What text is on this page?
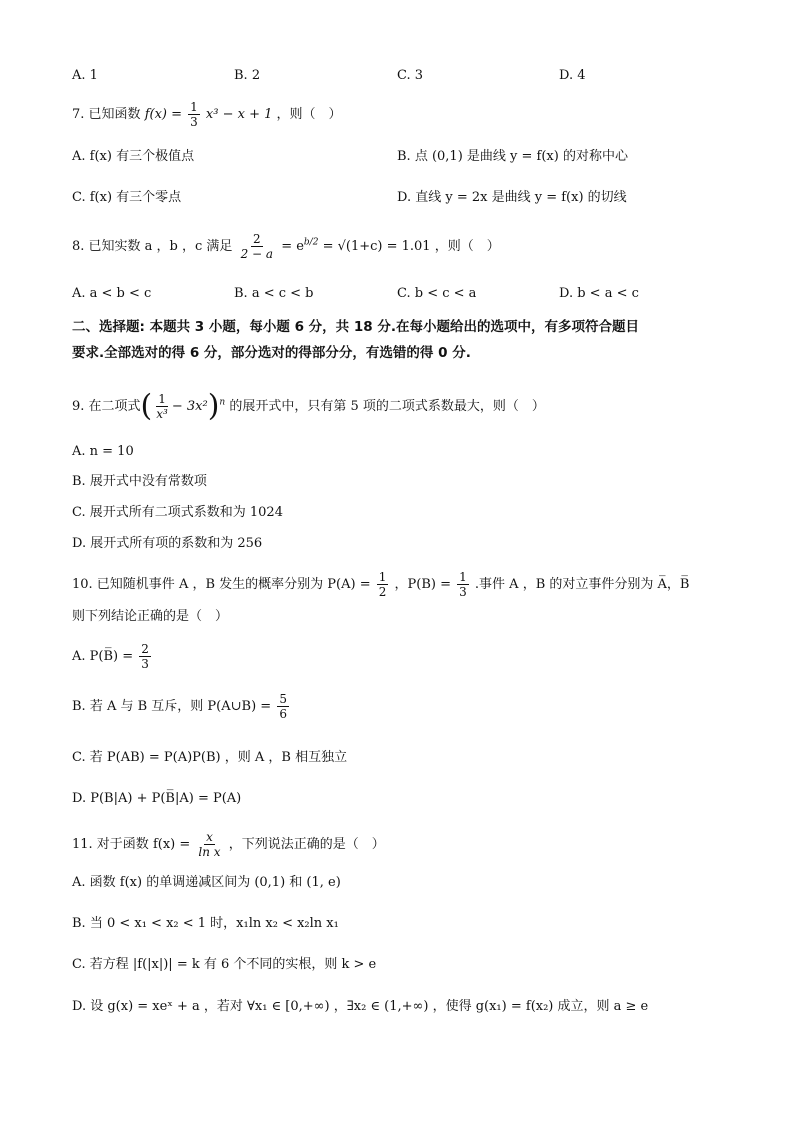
A. 1	B. 2	C. 3	D. 4
7. 已知函数 $f(x) = \frac{1}{3} x^3 - x + 1$ ，则（　）
A. f(x) 有三个极值点	B. 点 (0,1) 是曲线 y = f(x) 的对称中心
C. f(x) 有三个零点	D. 直线 y = 2x 是曲线 y = f(x) 的切线
8. 已知实数 a ，b ，c 满足 $\frac{2}{2 - a} = e^{b/2} = √(1+c) = 1.01$ ，则（　）
A. a < b < c	B. a < c < b	C. b < c < a	D. b < a < c
二、选择题: 本题共 3 小题，每小题 6 分，共 18 分.在每小题给出的选项中，有多项符合题目
要求.全部选对的得 6 分，部分选对的得部分分，有选错的得 0 分.
9. 在二项式( $\frac{1}{\text{x³}} - 3x^2)^n$ 的展开式中，只有第 5 项的二项式系数最大，则（　）
A. n = 10
B. 展开式中没有常数项
C. 展开式所有二项式系数和为 1024
D. 展开式所有项的系数和为 256
10. 已知随机事件 A ，B 发生的概率分别为 $P(A) = \frac{1}{2}$ ，$P(B) = \frac{1}{3}$ .事件 A ，B 的对立事件分别为 A̅，B̅
则下列结论正确的是（　）
A. P(B̅) = $\frac{2}{3}$
B. 若 A 与 B 互斥，则 P(A∪B) = $\frac{5}{6}$
C. 若 P(AB) = P(A)P(B) ，则 A ，B 相互独立
D. P(B|A) + P(B̅|A) = P(A)
11. 对于函数 $f(x) = \frac{x}{\text{ln x}}$ ，下列说法正确的是（　）
A. 函数 f(x) 的单调递减区间为 (0,1) 和 (1, e)
B. 当 0 < x₁ < x₂ < 1 时，x₁ln x₂ < x₂ln x₁
C. 若方程 |f(|x|)| = k 有 6 个不同的实根，则 k > e
D. 设 g(x) = xeˣ + a ，若对 ∀x₁ ∈ [0,+∞) ，∃x₂ ∈ (1,+∞) ，使得 g(x₁) = f(x₂) 成立，则 a ≥ e
